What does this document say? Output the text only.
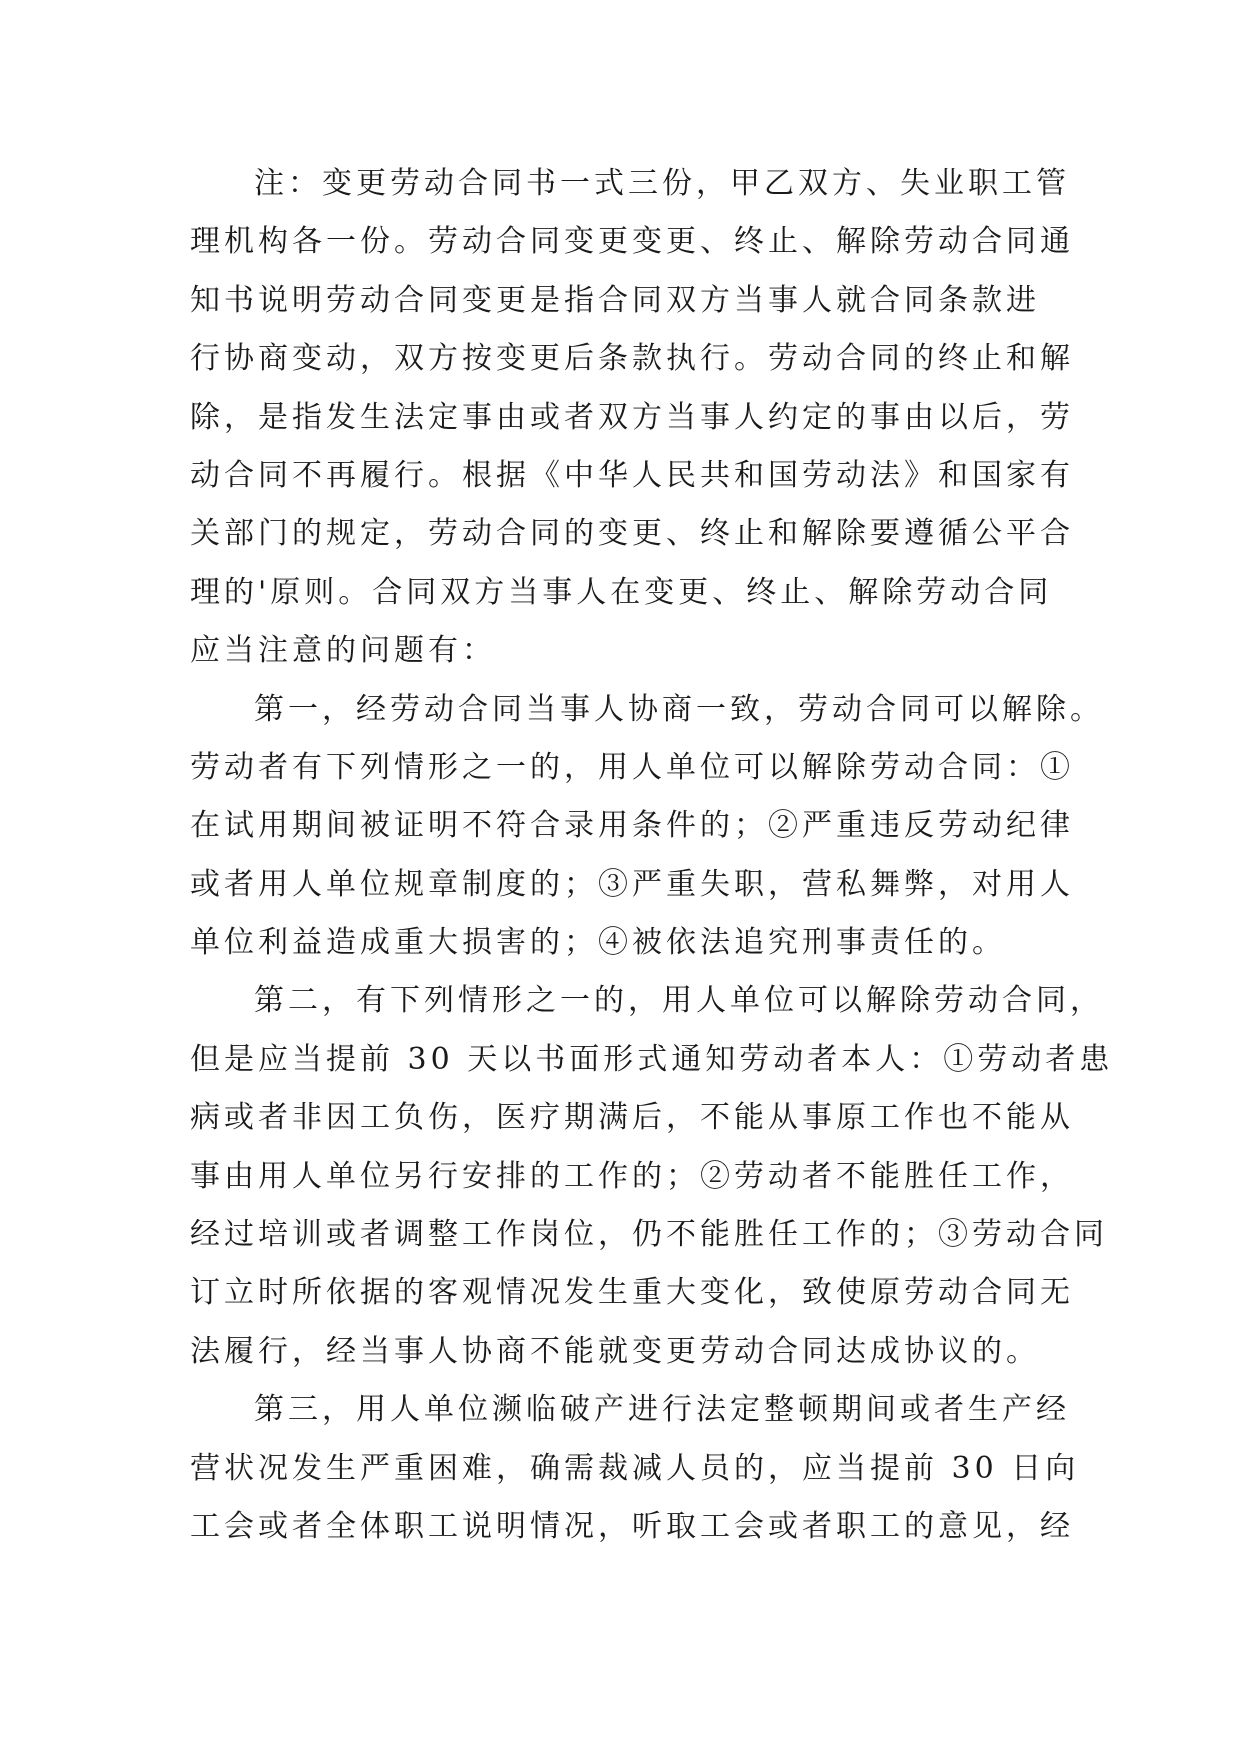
注：变更劳动合同书一式三份，甲乙双方、失业职工管
理机构各一份。劳动合同变更变更、终止、解除劳动合同通
知书说明劳动合同变更是指合同双方当事人就合同条款进
行协商变动，双方按变更后条款执行。劳动合同的终止和解
除，是指发生法定事由或者双方当事人约定的事由以后，劳
动合同不再履行。根据《中华人民共和国劳动法》和国家有
关部门的规定，劳动合同的变更、终止和解除要遵循公平合
理的'原则。合同双方当事人在变更、终止、解除劳动合同
应当注意的问题有：
第一，经劳动合同当事人协商一致，劳动合同可以解除。
劳动者有下列情形之一的，用人单位可以解除劳动合同：①
在试用期间被证明不符合录用条件的；②严重违反劳动纪律
或者用人单位规章制度的；③严重失职，营私舞弊，对用人
单位利益造成重大损害的；④被依法追究刑事责任的。
第二，有下列情形之一的，用人单位可以解除劳动合同，
但是应当提前 30 天以书面形式通知劳动者本人：①劳动者患
病或者非因工负伤，医疗期满后，不能从事原工作也不能从
事由用人单位另行安排的工作的；②劳动者不能胜任工作，
经过培训或者调整工作岗位，仍不能胜任工作的；③劳动合同
订立时所依据的客观情况发生重大变化，致使原劳动合同无
法履行，经当事人协商不能就变更劳动合同达成协议的。
第三，用人单位濒临破产进行法定整顿期间或者生产经
营状况发生严重困难，确需裁减人员的，应当提前 30 日向
工会或者全体职工说明情况，听取工会或者职工的意见，经
